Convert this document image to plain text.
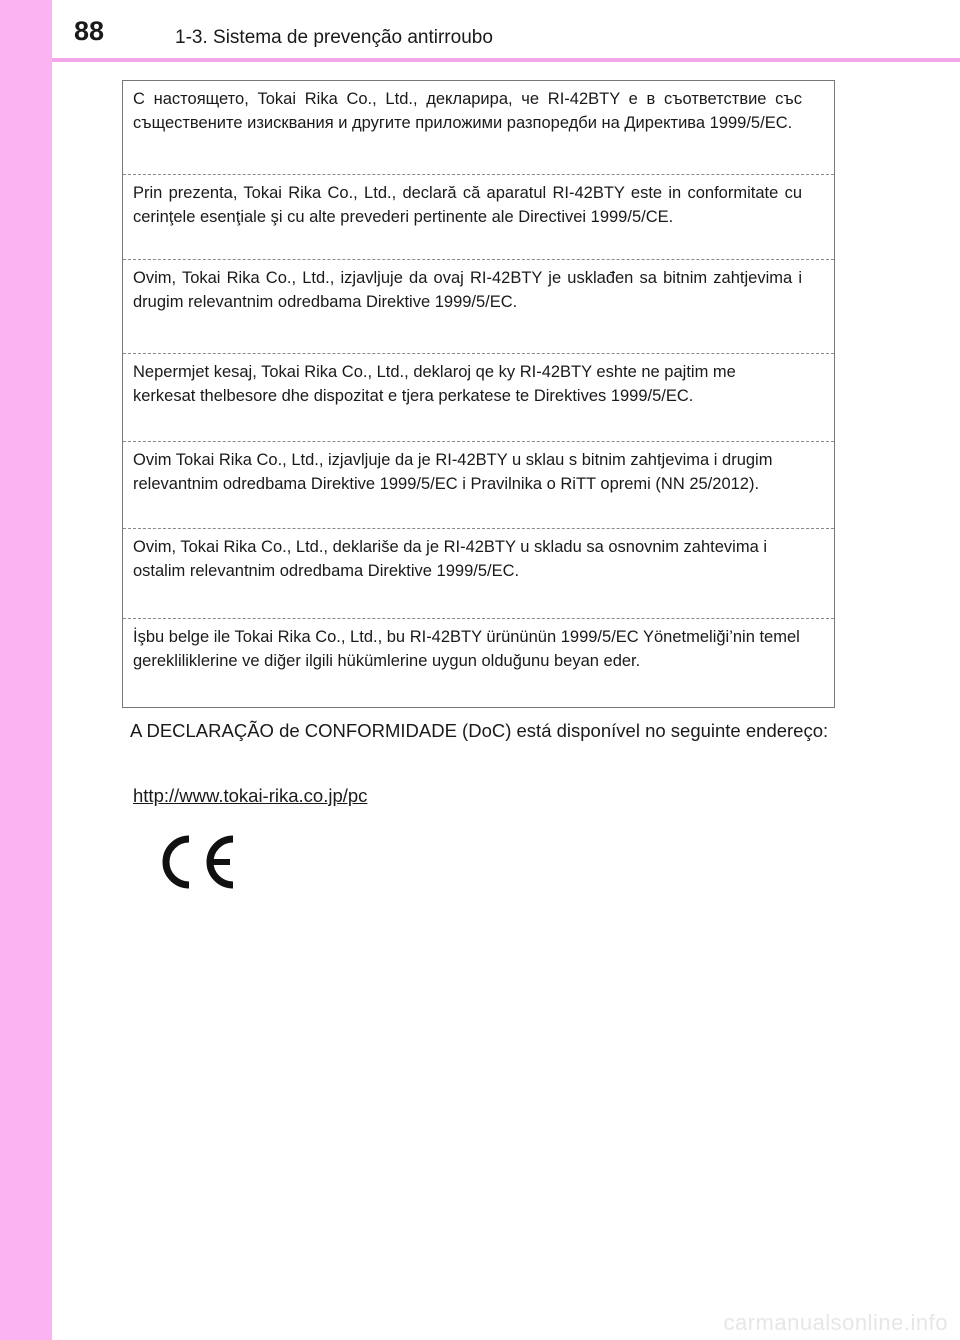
88	1-3. Sistema de prevenção antirroubo
С настоящето, Tokai Rika Co., Ltd., декларира, че RI-42BTY е в съответствие със съществените изисквания и другите приложими разпоредби на Директива 1999/5/ЕС.
Prin prezenta, Tokai Rika Co., Ltd., declară că aparatul RI-42BTY este in conformitate cu cerinţele esenţiale şi cu alte prevederi pertinente ale Directivei 1999/5/CE.
Ovim, Tokai Rika Co., Ltd., izjavljuje da ovaj RI-42BTY je usklađen sa bitnim zahtjevima i drugim relevantnim odredbama Direktive 1999/5/EC.
Nepermjet kesaj, Tokai Rika Co., Ltd., deklaroj qe ky RI-42BTY eshte ne pajtim me kerkesat thelbesore dhe dispozitat e tjera perkatese te Direktives 1999/5/EC.
Ovim Tokai Rika Co., Ltd., izjavljuje da je RI-42BTY u sklau s bitnim zahtjevima i drugim relevantnim odredbama Direktive 1999/5/EC i Pravilnika o RiTT opremi (NN 25/2012).
Ovim, Tokai Rika Co., Ltd., deklariše da je RI-42BTY u skladu sa osnovnim zahtevima i ostalim relevantnim odredbama Direktive 1999/5/EC.
İşbu belge ile Tokai Rika Co., Ltd., bu RI-42BTY ürününün 1999/5/EC Yönetmeliği’nin temel gerekliliklerine ve diğer ilgili hükümlerine uygun olduğunu beyan eder.
A DECLARAÇÃO de CONFORMIDADE (DoC) está disponível no seguinte endereço:
http://www.tokai-rika.co.jp/pc
carmanualsonline.info
